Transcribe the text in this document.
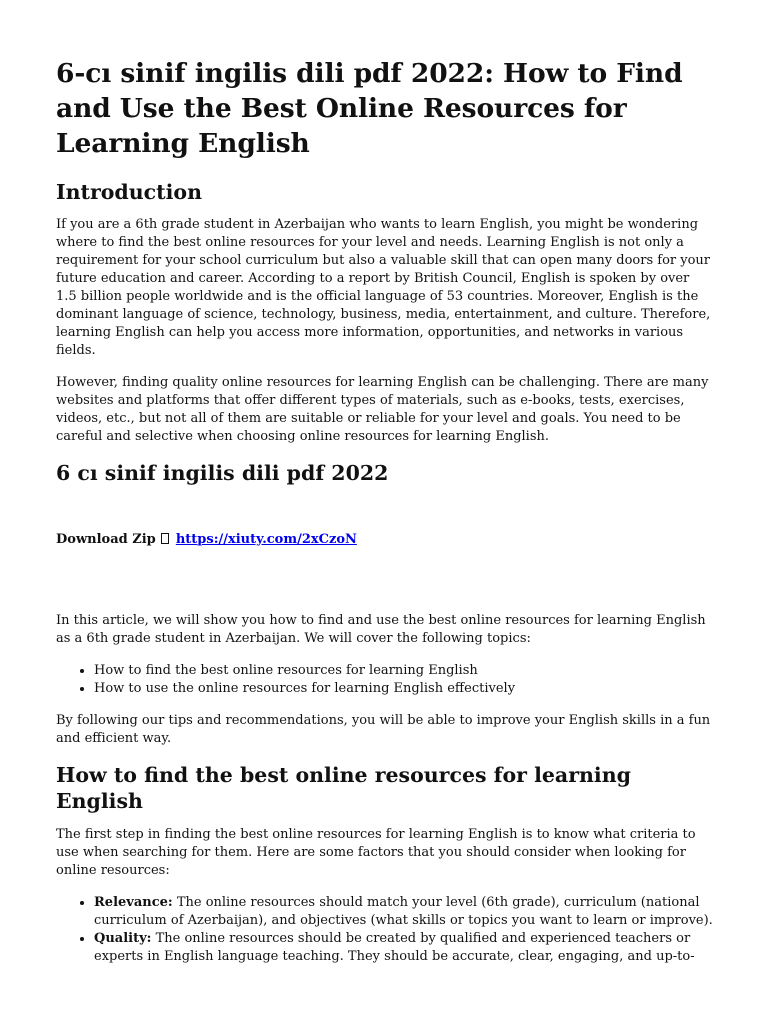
6-cı sinif ingilis dili pdf 2022: How to Find and Use the Best Online Resources for Learning English
Introduction

If you are a 6th grade student in Azerbaijan who wants to learn English, you might be wondering where to find the best online resources for your level and needs. Learning English is not only a requirement for your school curriculum but also a valuable skill that can open many doors for your future education and career. According to a report by British Council, English is spoken by over 1.5 billion people worldwide and is the official language of 53 countries. Moreover, English is the dominant language of science, technology, business, media, entertainment, and culture. Therefore, learning English can help you access more information, opportunities, and networks in various fields.

However, finding quality online resources for learning English can be challenging. There are many websites and platforms that offer different types of materials, such as e-books, tests, exercises, videos, etc., but not all of them are suitable or reliable for your level and goals. You need to be careful and selective when choosing online resources for learning English.

6 cı sinif ingilis dili pdf 2022

Download Zip https://xiuty.com/2xCzoN

In this article, we will show you how to find and use the best online resources for learning English as a 6th grade student in Azerbaijan. We will cover the following topics:

• How to find the best online resources for learning English
• How to use the online resources for learning English effectively

By following our tips and recommendations, you will be able to improve your English skills in a fun and efficient way.

How to find the best online resources for learning English

The first step in finding the best online resources for learning English is to know what criteria to use when searching for them. Here are some factors that you should consider when looking for online resources:

• Relevance: The online resources should match your level (6th grade), curriculum (national curriculum of Azerbaijan), and objectives (what skills or topics you want to learn or improve).
• Quality: The online resources should be created by qualified and experienced teachers or experts in English language teaching. They should be accurate, clear, engaging, and up-to-
